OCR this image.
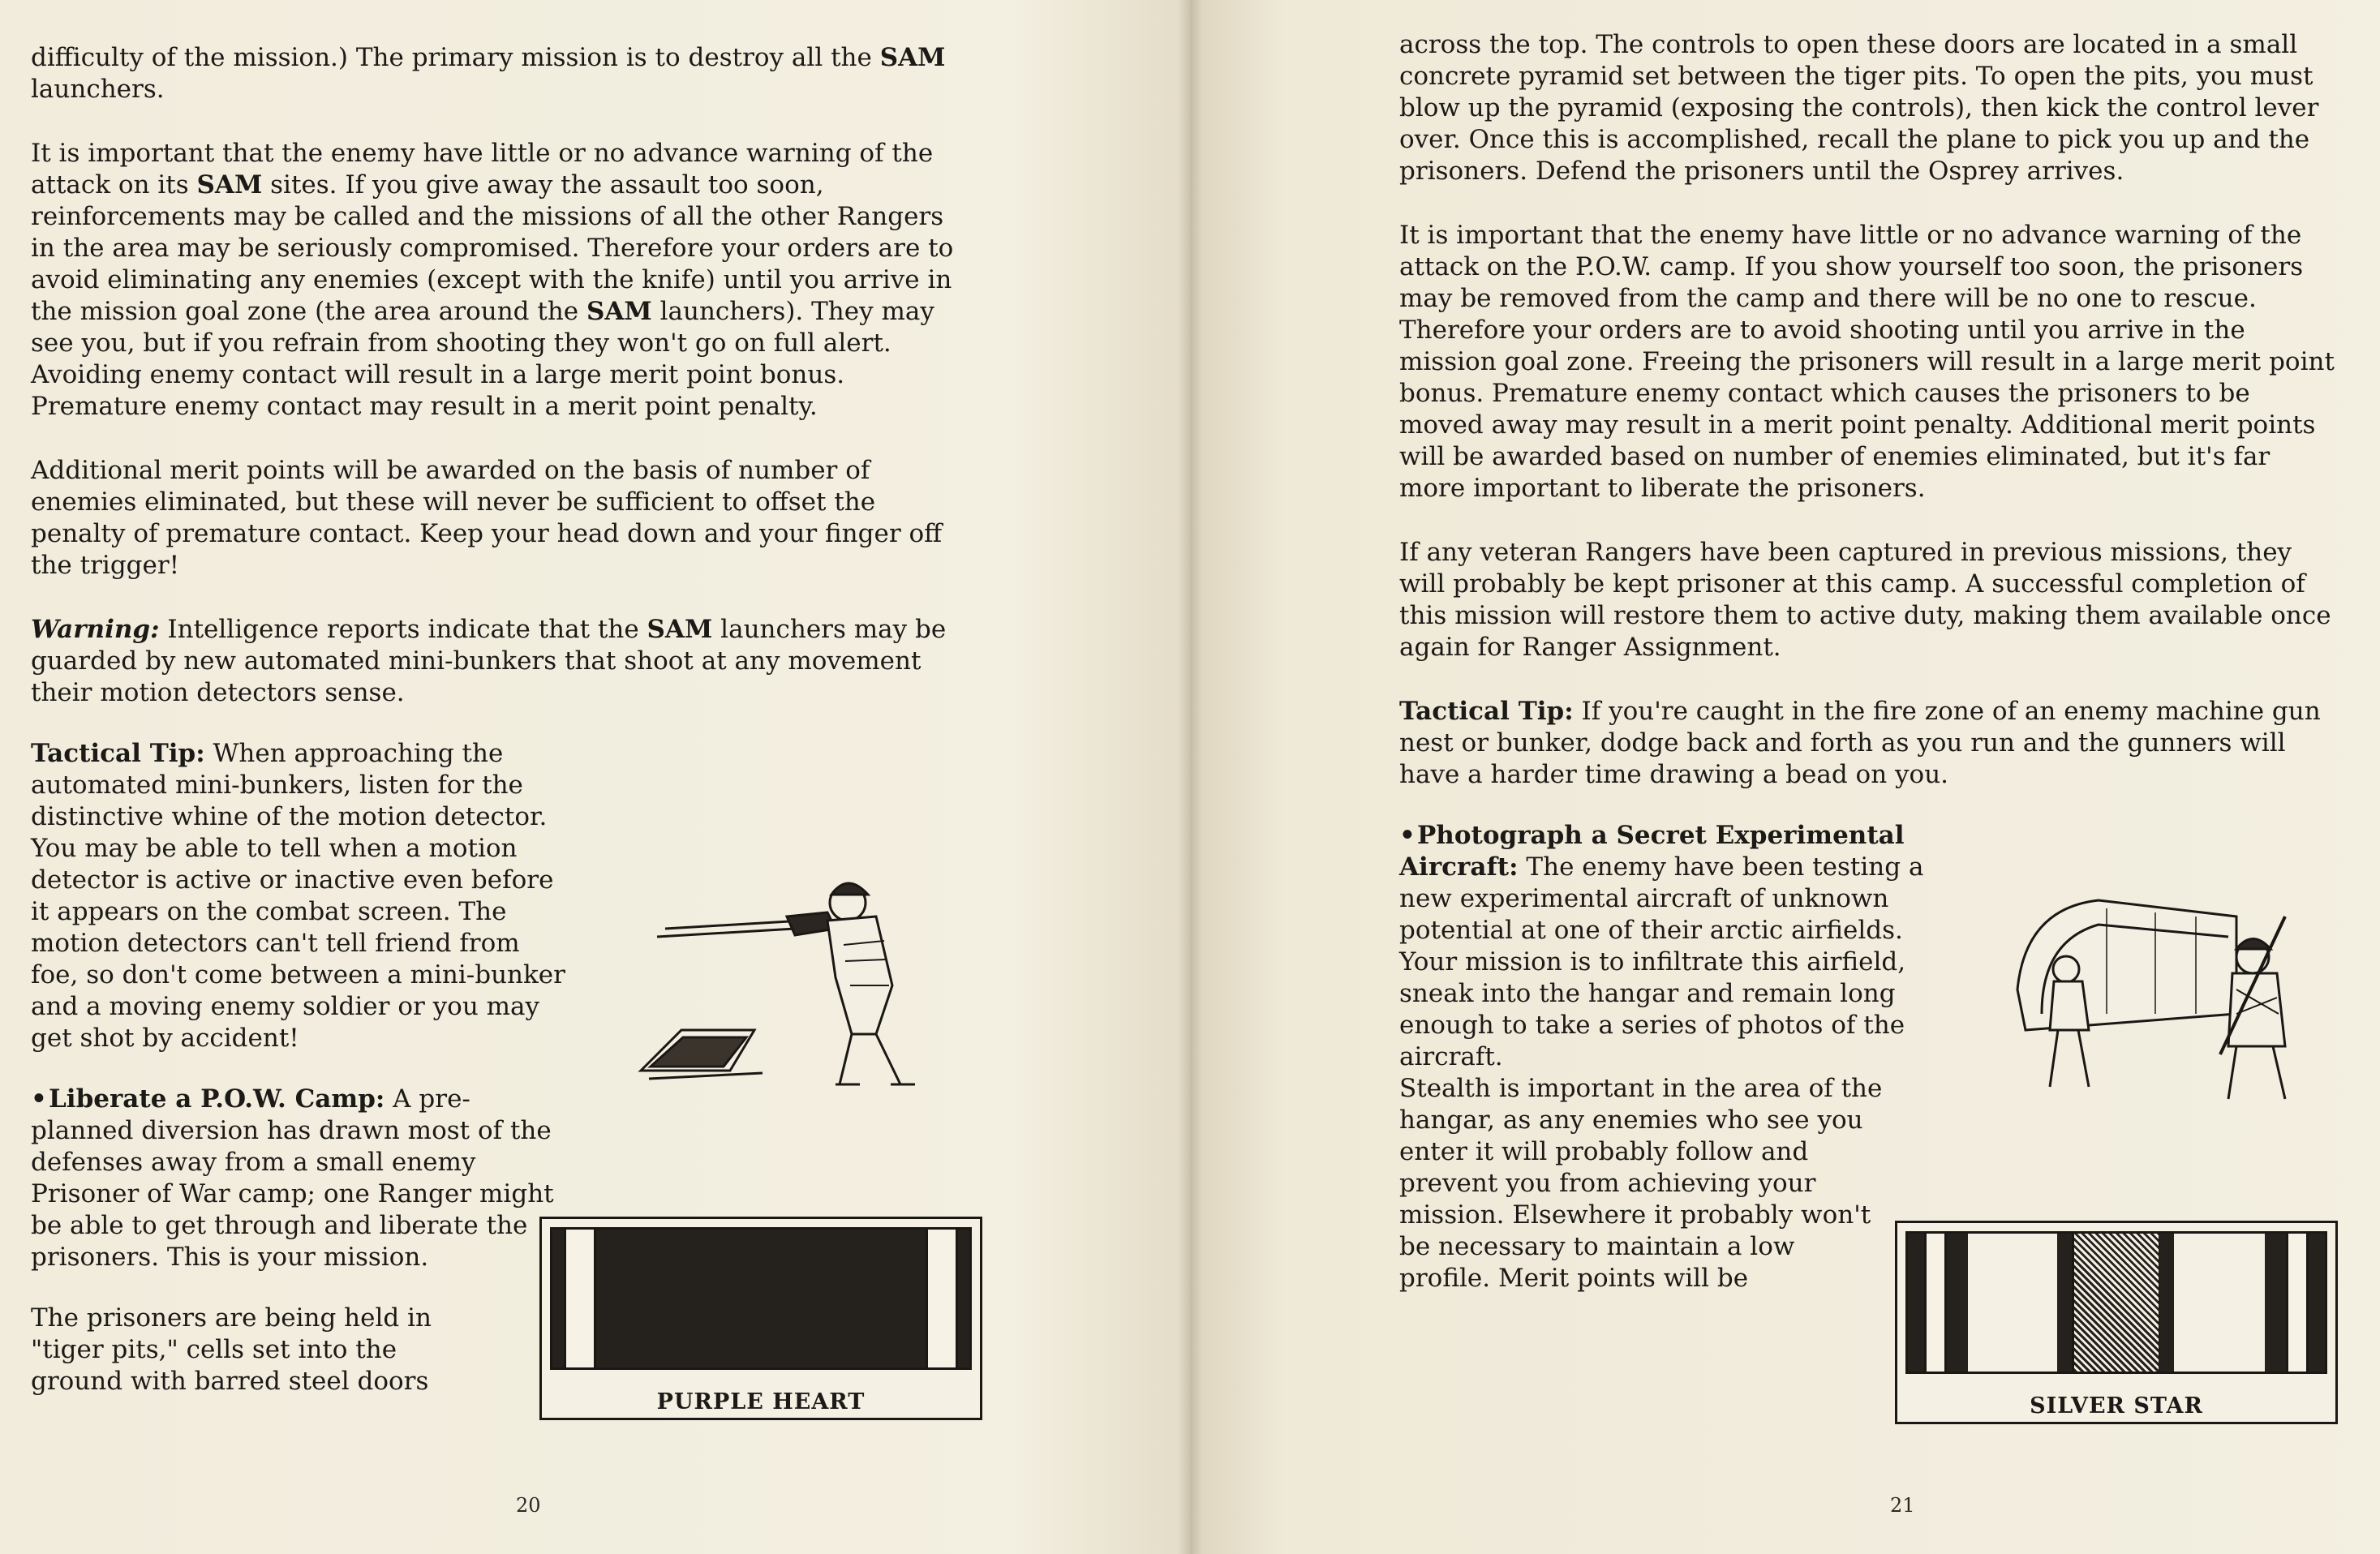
difficulty of the mission.) The primary mission is to destroy all the SAM launchers.

It is important that the enemy have little or no advance warning of the attack on its SAM sites. If you give away the assault too soon, reinforcements may be called and the missions of all the other Rangers in the area may be seriously compromised. Therefore your orders are to avoid eliminating any enemies (except with the knife) until you arrive in the mission goal zone (the area around the SAM launchers). They may see you, but if you refrain from shooting they won't go on full alert. Avoiding enemy contact will result in a large merit point bonus. Premature enemy contact may result in a merit point penalty.

Additional merit points will be awarded on the basis of number of enemies eliminated, but these will never be sufficient to offset the penalty of premature contact. Keep your head down and your finger off the trigger!

Warning: Intelligence reports indicate that the SAM launchers may be guarded by new automated mini-bunkers that shoot at any movement their motion detectors sense.

Tactical Tip: When approaching the automated mini-bunkers, listen for the distinctive whine of the motion detector. You may be able to tell when a motion detector is active or inactive even before it appears on the combat screen. The motion detectors can't tell friend from foe, so don't come between a mini-bunker and a moving enemy soldier or you may get shot by accident!

•Liberate a P.O.W. Camp: A pre-planned diversion has drawn most of the defenses away from a small enemy Prisoner of War camp; one Ranger might be able to get through and liberate the prisoners. This is your mission.

The prisoners are being held in "tiger pits," cells set into the ground with barred steel doors

PURPLE HEART
20

across the top. The controls to open these doors are located in a small concrete pyramid set between the tiger pits. To open the pits, you must blow up the pyramid (exposing the controls), then kick the control lever over. Once this is accomplished, recall the plane to pick you up and the prisoners. Defend the prisoners until the Osprey arrives.

It is important that the enemy have little or no advance warning of the attack on the P.O.W. camp. If you show yourself too soon, the prisoners may be removed from the camp and there will be no one to rescue. Therefore your orders are to avoid shooting until you arrive in the mission goal zone. Freeing the prisoners will result in a large merit point bonus. Premature enemy contact which causes the prisoners to be moved away may result in a merit point penalty. Additional merit points will be awarded based on number of enemies eliminated, but it's far more important to liberate the prisoners.

If any veteran Rangers have been captured in previous missions, they will probably be kept prisoner at this camp. A successful completion of this mission will restore them to active duty, making them available once again for Ranger Assignment.

Tactical Tip: If you're caught in the fire zone of an enemy machine gun nest or bunker, dodge back and forth as you run and the gunners will have a harder time drawing a bead on you.

•Photograph a Secret Experimental Aircraft: The enemy have been testing a new experimental aircraft of unknown potential at one of their arctic airfields. Your mission is to infiltrate this airfield, sneak into the hangar and remain long enough to take a series of photos of the aircraft.

Stealth is important in the area of the hangar, as any enemies who see you enter it will probably follow and prevent you from achieving your mission. Elsewhere it probably won't be necessary to maintain a low profile. Merit points will be

SILVER STAR
21
